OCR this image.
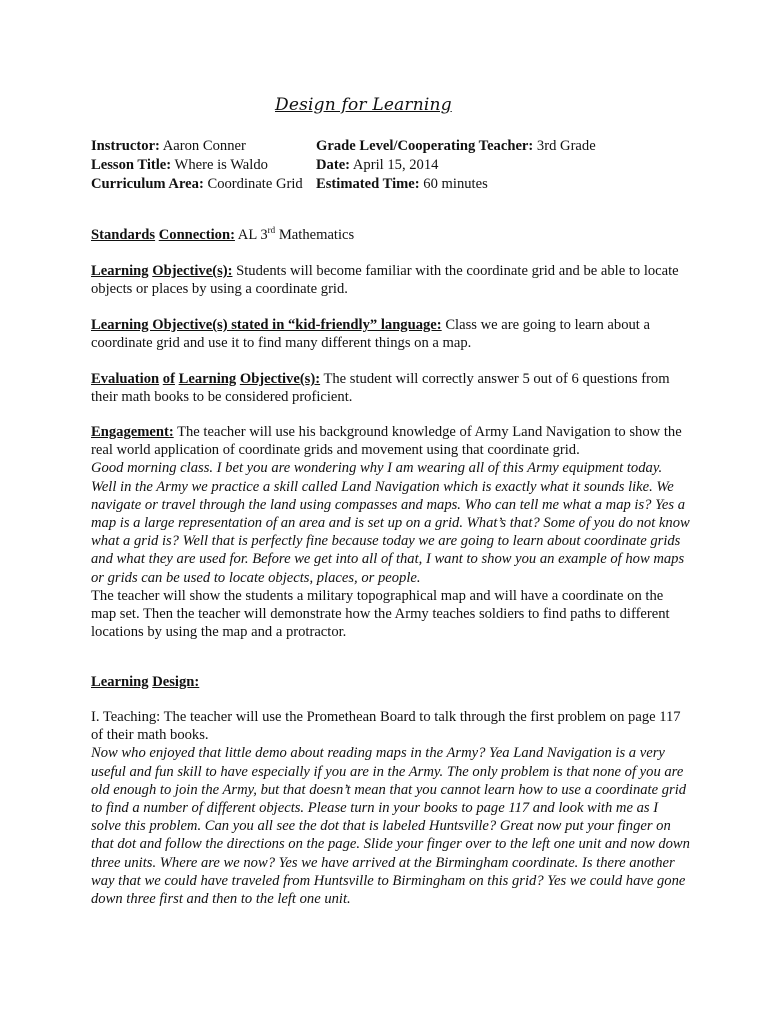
Design for Learning
Instructor: Aaron Conner	Grade Level/Cooperating Teacher: 3rd Grade
Lesson Title: Where is Waldo	Date: April 15, 2014
Curriculum Area: Coordinate Grid Estimated Time: 60 minutes

Standards Connection: AL 3rd Mathematics

Learning Objective(s): Students will become familiar with the coordinate grid and be able to locate objects or places by using a coordinate grid.

Learning Objective(s) stated in “kid-friendly” language: Class we are going to learn about a coordinate grid and use it to find many different things on a map.

Evaluation of Learning Objective(s): The student will correctly answer 5 out of 6 questions from their math books to be considered proficient.

Engagement: The teacher will use his background knowledge of Army Land Navigation to show the real world application of coordinate grids and movement using that coordinate grid.
Good morning class. I bet you are wondering why I am wearing all of this Army equipment today. Well in the Army we practice a skill called Land Navigation which is exactly what it sounds like. We navigate or travel through the land using compasses and maps. Who can tell me what a map is? Yes a map is a large representation of an area and is set up on a grid. What’s that? Some of you do not know what a grid is? Well that is perfectly fine because today we are going to learn about coordinate grids and what they are used for. Before we get into all of that, I want to show you an example of how maps or grids can be used to locate objects, places, or people.
The teacher will show the students a military topographical map and will have a coordinate on the map set. Then the teacher will demonstrate how the Army teaches soldiers to find paths to different locations by using the map and a protractor.

Learning Design:

I. Teaching: The teacher will use the Promethean Board to talk through the first problem on page 117 of their math books.
Now who enjoyed that little demo about reading maps in the Army? Yea Land Navigation is a very useful and fun skill to have especially if you are in the Army. The only problem is that none of you are old enough to join the Army, but that doesn’t mean that you cannot learn how to use a coordinate grid to find a number of different objects. Please turn in your books to page 117 and look with me as I solve this problem. Can you all see the dot that is labeled Huntsville? Great now put your finger on that dot and follow the directions on the page. Slide your finger over to the left one unit and now down three units. Where are we now? Yes we have arrived at the Birmingham coordinate. Is there another way that we could have traveled from Huntsville to Birmingham on this grid? Yes we could have gone down three first and then to the left one unit.
